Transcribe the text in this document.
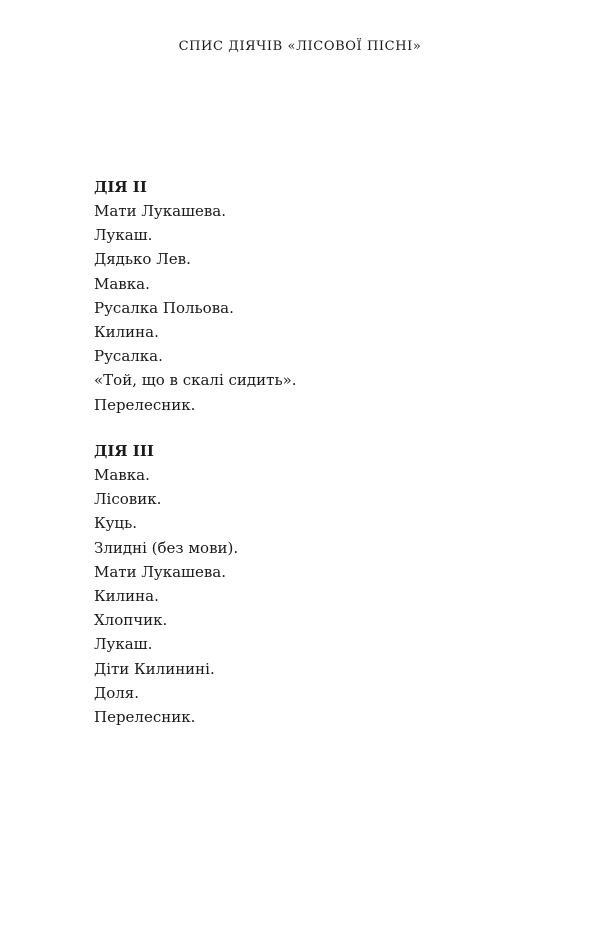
СПИС ДІЯЧІВ «ЛІСОВОЇ ПІСНІ»
ДІЯ ІІ
Мати Лукашева.
Лукаш.
Дядько Лев.
Мавка.
Русалка Польова.
Килина.
Русалка.
«Той, що в скалі сидить».
Перелесник.
ДІЯ ІІІ
Мавка.
Лісовик.
Куць.
Злидні (без мови).
Мати Лукашева.
Килина.
Хлопчик.
Лукаш.
Діти Килинині.
Доля.
Перелесник.
